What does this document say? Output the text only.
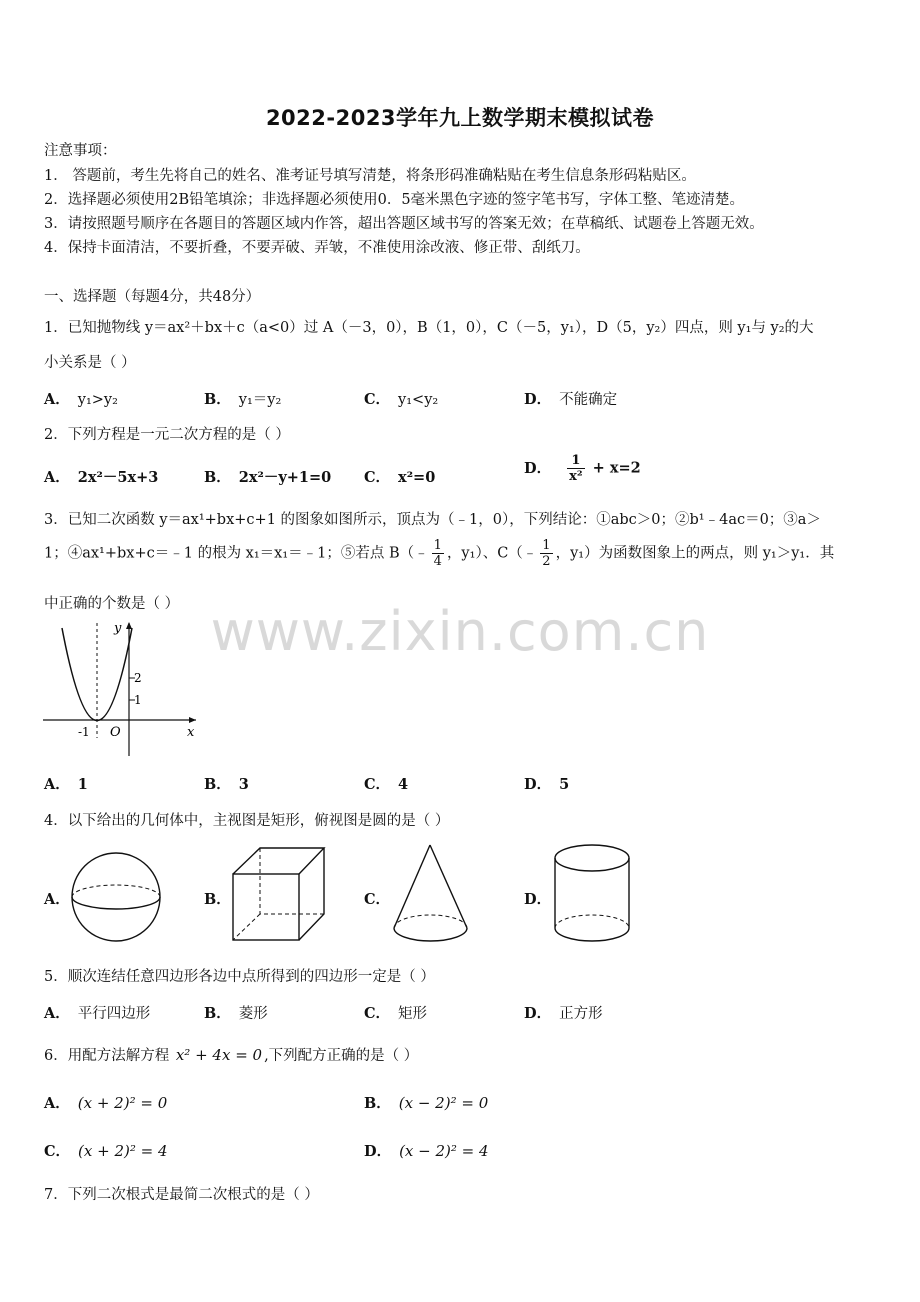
www.zixin.com.cn
2022-2023学年九上数学期末模拟试卷
注意事项：
1． 答题前，考生先将自己的姓名、准考证号填写清楚，将条形码准确粘贴在考生信息条形码粘贴区。
2．选择题必须使用2B铅笔填涂；非选择题必须使用0．5毫米黑色字迹的签字笔书写，字体工整、笔迹清楚。
3．请按照题号顺序在各题目的答题区域内作答，超出答题区域书写的答案无效；在草稿纸、试题卷上答题无效。
4．保持卡面清洁，不要折叠，不要弄破、弄皱，不准使用涂改液、修正带、刮纸刀。
一、选择题（每题4分，共48分）
1．已知抛物线 y＝ax²＋bx＋c（a<0）过 A（－3，0），B（1，0），C（－5，y₁），D（5，y₂）四点，则 y₁与 y₂的大
小关系是（ ）
A． y₁>y₂	B． y₁＝y₂	C． y₁<y₂	D． 不能确定
2．下列方程是一元二次方程的是（ ）
A． 2x²－5x+3	B． 2x²－y+1=0 C． x²=0
D． $\frac{1}{\text{x²}} + x=2$
3．已知二次函数 y＝ax¹+bx+c+1 的图象如图所示，顶点为（﹣1，0），下列结论：①abc＞0；②b¹﹣4ac＝0；③a＞
1；④ax¹+bx+c＝﹣1 的根为 x₁＝x₁＝﹣1；⑤若点 B（﹣ $\frac{1}{4}$ ，y₁）、C（﹣ $\frac{1}{2}$ ，y₁）为函数图象上的两点，则 y₁＞y₁．其
中正确的个数是（ ）
y
x
O
-1
1
2
A． 1	B． 3	C． 4	D． 5
4．以下给出的几何体中，主视图是矩形，俯视图是圆的是（ ）
A．	B．	C．	D．
5．顺次连结任意四边形各边中点所得到的四边形一定是（ ）
A． 平行四边形	B． 菱形	C． 矩形	D． 正方形
6．用配方法解方程 x² + 4x = 0 ,下列配方正确的是（ ）
A． (x + 2)² = 0	B． (x − 2)² = 0
C． (x + 2)² = 4	D． (x − 2)² = 4
7．下列二次根式是最简二次根式的是（ ）
